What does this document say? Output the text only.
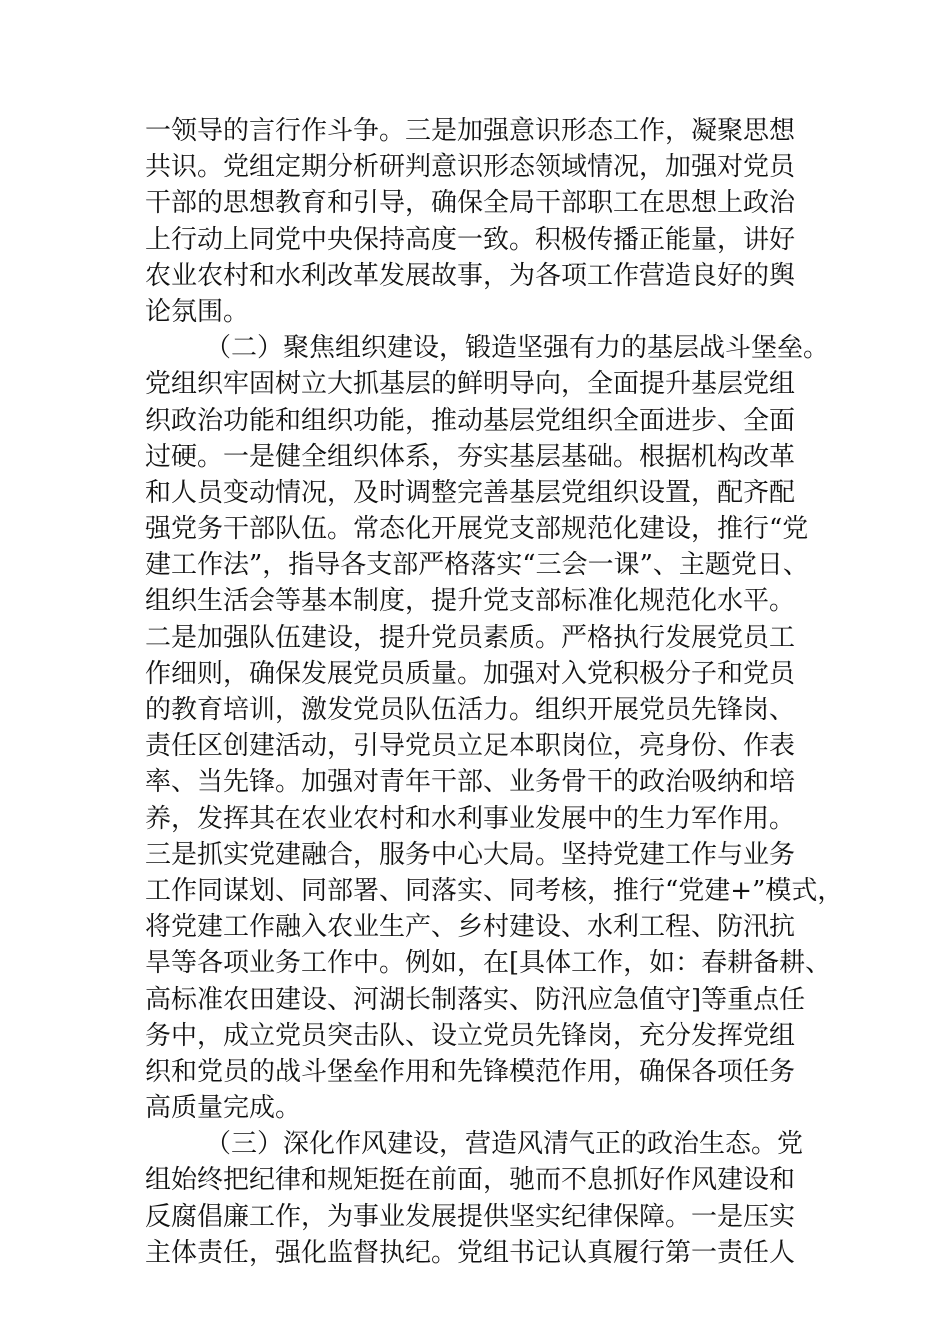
一领导的言行作斗争。三是加强意识形态工作，凝聚思想
共识。党组定期分析研判意识形态领域情况，加强对党员
干部的思想教育和引导，确保全局干部职工在思想上政治
上行动上同党中央保持高度一致。积极传播正能量，讲好
农业农村和水利改革发展故事，为各项工作营造良好的舆
论氛围。
（二）聚焦组织建设，锻造坚强有力的基层战斗堡垒。
党组织牢固树立大抓基层的鲜明导向，全面提升基层党组
织政治功能和组织功能，推动基层党组织全面进步、全面
过硬。一是健全组织体系，夯实基层基础。根据机构改革
和人员变动情况，及时调整完善基层党组织设置，配齐配
强党务干部队伍。常态化开展党支部规范化建设，推行“党
建工作法”，指导各支部严格落实“三会一课”、主题党日、
组织生活会等基本制度，提升党支部标准化规范化水平。
二是加强队伍建设，提升党员素质。严格执行发展党员工
作细则，确保发展党员质量。加强对入党积极分子和党员
的教育培训，激发党员队伍活力。组织开展党员先锋岗、
责任区创建活动，引导党员立足本职岗位，亮身份、作表
率、当先锋。加强对青年干部、业务骨干的政治吸纳和培
养，发挥其在农业农村和水利事业发展中的生力军作用。
三是抓实党建融合，服务中心大局。坚持党建工作与业务
工作同谋划、同部署、同落实、同考核，推行“党建+”模式，
将党建工作融入农业生产、乡村建设、水利工程、防汛抗
旱等各项业务工作中。例如，在[具体工作，如：春耕备耕、
高标准农田建设、河湖长制落实、防汛应急值守]等重点任
务中，成立党员突击队、设立党员先锋岗，充分发挥党组
织和党员的战斗堡垒作用和先锋模范作用，确保各项任务
高质量完成。
（三）深化作风建设，营造风清气正的政治生态。党
组始终把纪律和规矩挺在前面，驰而不息抓好作风建设和
反腐倡廉工作，为事业发展提供坚实纪律保障。一是压实
主体责任，强化监督执纪。党组书记认真履行第一责任人
